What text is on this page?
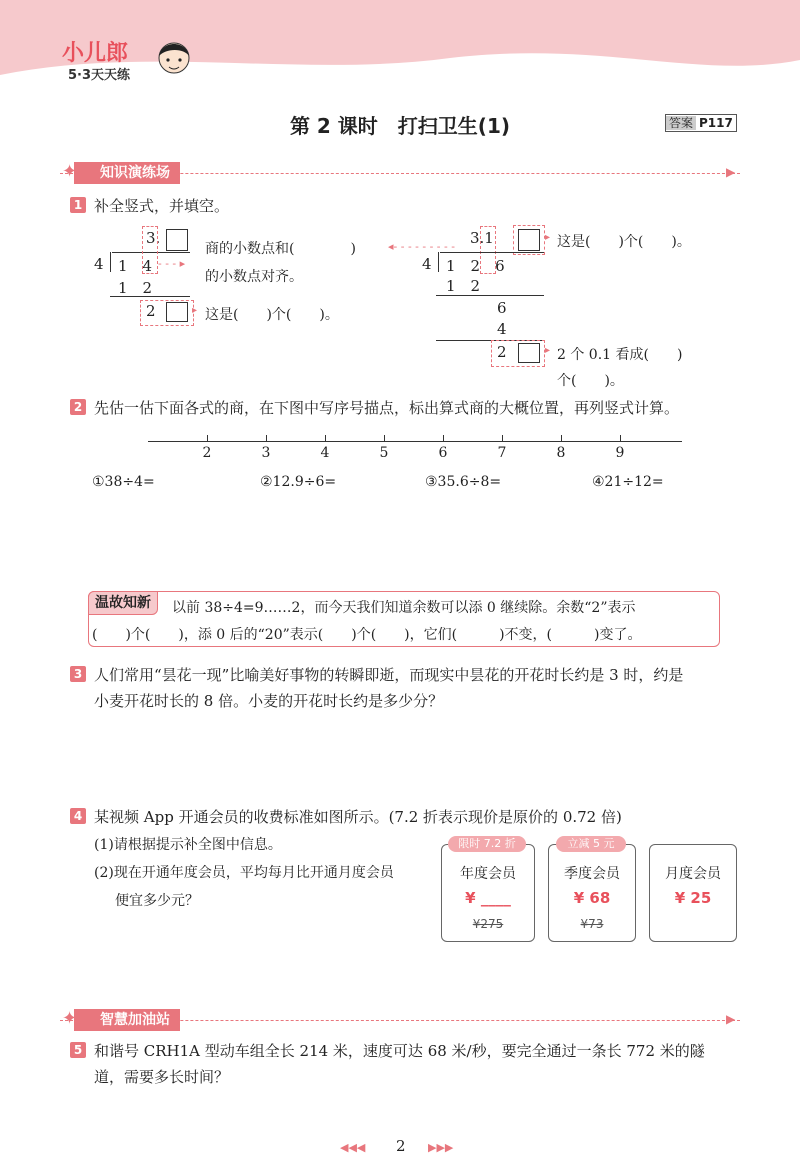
小儿郎
5·3天天练
第 2 课时　打扫卫生(1)	答案 P117
知识演练场
✦	▶
1 补全竖式，并填空。
3.
4 1　4 - - - ▸
1　2
2	▸
商的小数点和(　　　　)
的小数点对齐。
这是(　　)个(　　)。
◂- - - - - - - - - 3.1	▸ 这是(　　)个(　　)。
4 1　2　6
1　2
6
4
2	▸ 2 个 0.1 看成(　　)
个(　　)。
2 先估一估下面各式的商，在下图中写序号描点，标出算式商的大概位置，再列竖式计算。
2	3	4	5	6	7	8	9
①38÷4=	②12.9÷6=	③35.6÷8=	④21÷12=
温故知新	以前 38÷4=9……2，而今天我们知道余数可以添 0 继续除。余数“2”表示
(　　)个(　　)，添 0 后的“20”表示(　　)个(　　)，它们(　　　)不变，(　　　)变了。
3 人们常用“昙花一现”比喻美好事物的转瞬即逝，而现实中昙花的开花时长约是 3 时，约是
小麦开花时长的 8 倍。小麦的开花时长约是多少分？
4 某视频 App 开通会员的收费标准如图所示。(7.2 折表示现价是原价的 0.72 倍)
(1)请根据提示补全图中信息。
(2)现在开通年度会员，平均每月比开通月度会员
便宜多少元？
年度会员
¥ ____
¥275
限时 7.2 折
季度会员
¥ 68
¥73
立减 5 元
月度会员
¥ 25
智慧加油站
✦	▶
5 和谐号 CRH1A 型动车组全长 214 米，速度可达 68 米/秒，要完全通过一条长 772 米的隧
道，需要多长时间？
◀◀◀ 2 ▶▶▶
